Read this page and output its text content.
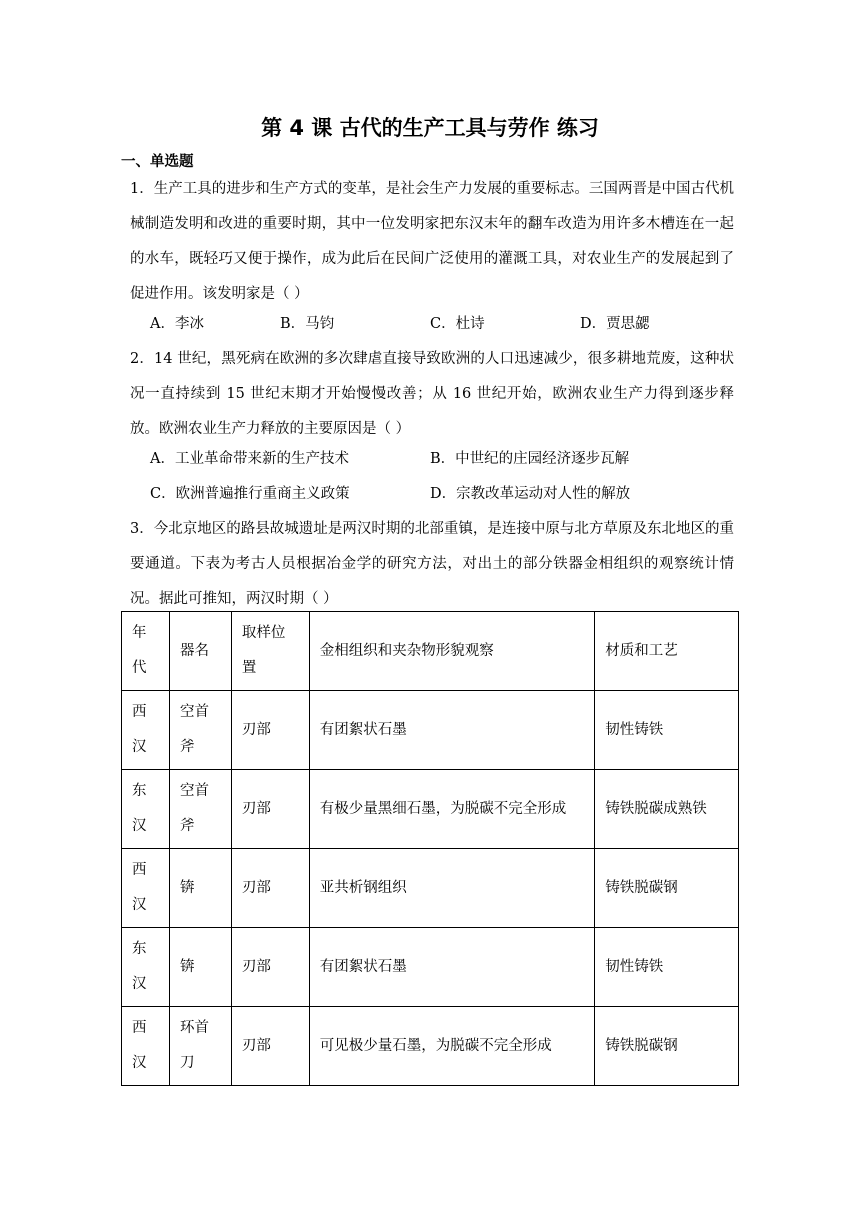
第 4 课 古代的生产工具与劳作 练习
一、单选题
1．生产工具的进步和生产方式的变革，是社会生产力发展的重要标志。三国两晋是中国古代机械制造发明和改进的重要时期，其中一位发明家把东汉末年的翻车改造为用许多木槽连在一起的水车，既轻巧又便于操作，成为此后在民间广泛使用的灌溉工具，对农业生产的发展起到了促进作用。该发明家是（ ）
A．李冰	B．马钧	C．杜诗	D．贾思勰
2．14 世纪，黑死病在欧洲的多次肆虐直接导致欧洲的人口迅速减少，很多耕地荒废，这种状况一直持续到 15 世纪末期才开始慢慢改善；从 16 世纪开始，欧洲农业生产力得到逐步释放。欧洲农业生产力释放的主要原因是（ ）
A．工业革命带来新的生产技术	B．中世纪的庄园经济逐步瓦解
C．欧洲普遍推行重商主义政策	D．宗教改革运动对人性的解放
3．今北京地区的路县故城遗址是两汉时期的北部重镇，是连接中原与北方草原及东北地区的重要通道。下表为考古人员根据冶金学的研究方法，对出土的部分铁器金相组织的观察统计情况。据此可推知，两汉时期（ ）
年代	器名	取样位置	金相组织和夹杂物形貌观察	材质和工艺
西汉	空首斧	刃部	有团絮状石墨	韧性铸铁
东汉	空首斧	刃部	有极少量黑细石墨，为脱碳不完全形成	铸铁脱碳成熟铁
西汉	锛	刃部	亚共析钢组织	铸铁脱碳钢
东汉	锛	刃部	有团絮状石墨	韧性铸铁
西汉	环首刀	刃部	可见极少量石墨，为脱碳不完全形成	铸铁脱碳钢
